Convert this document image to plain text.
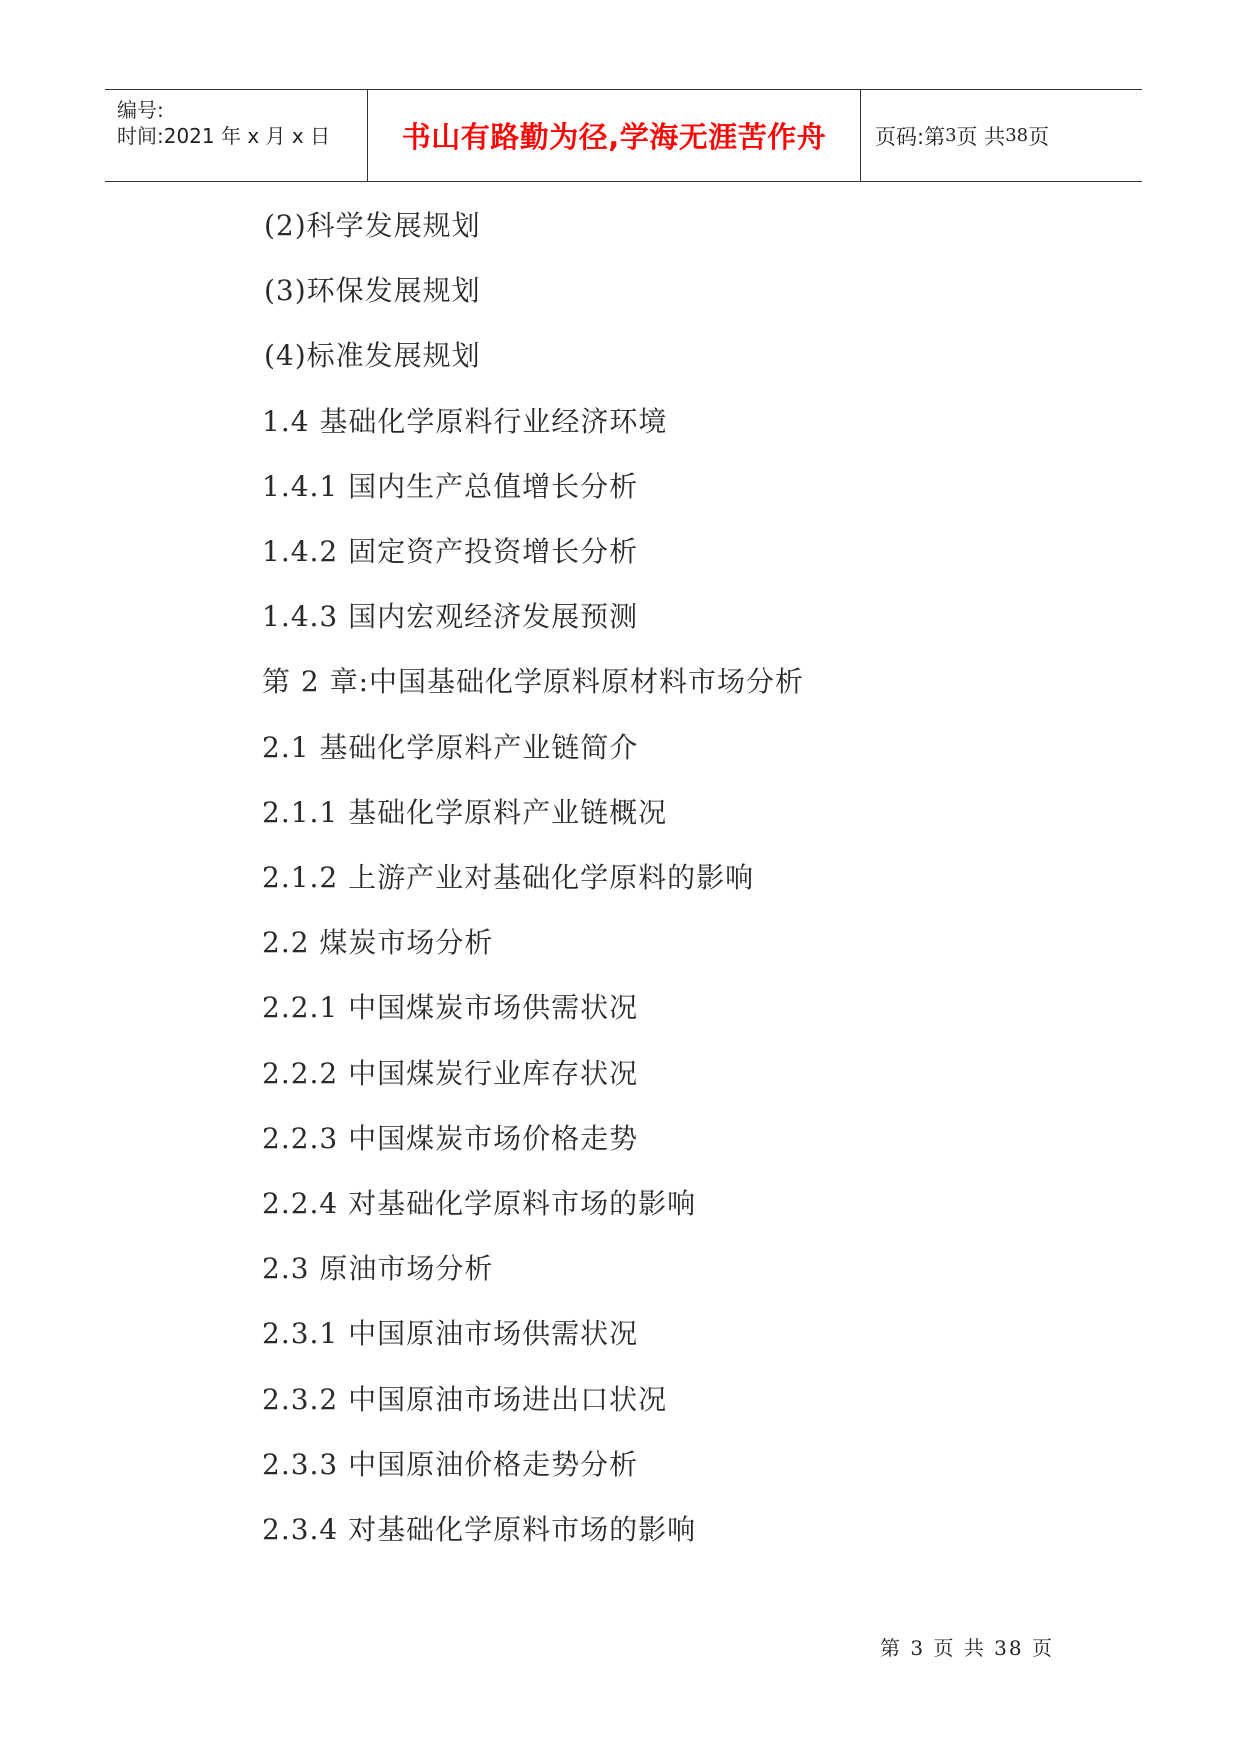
编号:
时间:2021 年 x 月 x 日 书山有路勤为径,学海无涯苦作舟 页码:第 3 页 共 38 页
(2)科学发展规划
(3)环保发展规划
(4)标准发展规划
1.4 基础化学原料行业经济环境
1.4.1 国内生产总值增长分析
1.4.2 固定资产投资增长分析
1.4.3 国内宏观经济发展预测
第 2 章:中国基础化学原料原材料市场分析
2.1 基础化学原料产业链简介
2.1.1 基础化学原料产业链概况
2.1.2 上游产业对基础化学原料的影响
2.2 煤炭市场分析
2.2.1 中国煤炭市场供需状况
2.2.2 中国煤炭行业库存状况
2.2.3 中国煤炭市场价格走势
2.2.4 对基础化学原料市场的影响
2.3 原油市场分析
2.3.1 中国原油市场供需状况
2.3.2 中国原油市场进出口状况
2.3.3 中国原油价格走势分析
2.3.4 对基础化学原料市场的影响
第 3 页 共 38 页
